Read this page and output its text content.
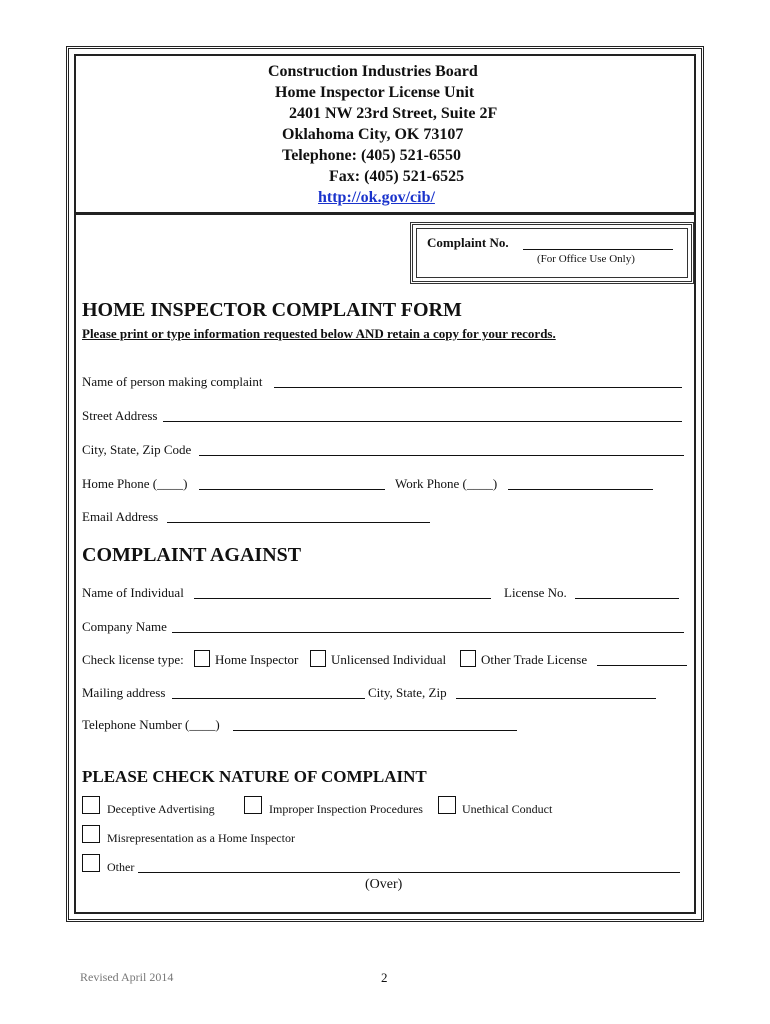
Construction Industries Board
Home Inspector License Unit
2401 NW 23rd Street, Suite 2F
Oklahoma City, OK 73107
Telephone: (405) 521-6550
Fax: (405) 521-6525
http://ok.gov/cib/
Complaint No.
(For Office Use Only)
HOME INSPECTOR COMPLAINT FORM
Please print or type information requested below AND retain a copy for your records.
Name of person making complaint
Street Address
City, State, Zip Code
Home Phone (____)	Work Phone (____)
Email Address
COMPLAINT AGAINST
Name of Individual	License No.
Company Name
Check license type: Home Inspector	Unlicensed Individual	Other Trade License
Mailing address	City, State, Zip
Telephone Number (____)
PLEASE CHECK NATURE OF COMPLAINT
Deceptive Advertising	Improper Inspection Procedures	Unethical Conduct
Misrepresentation as a Home Inspector
Other
(Over)
Revised April 2014	2
